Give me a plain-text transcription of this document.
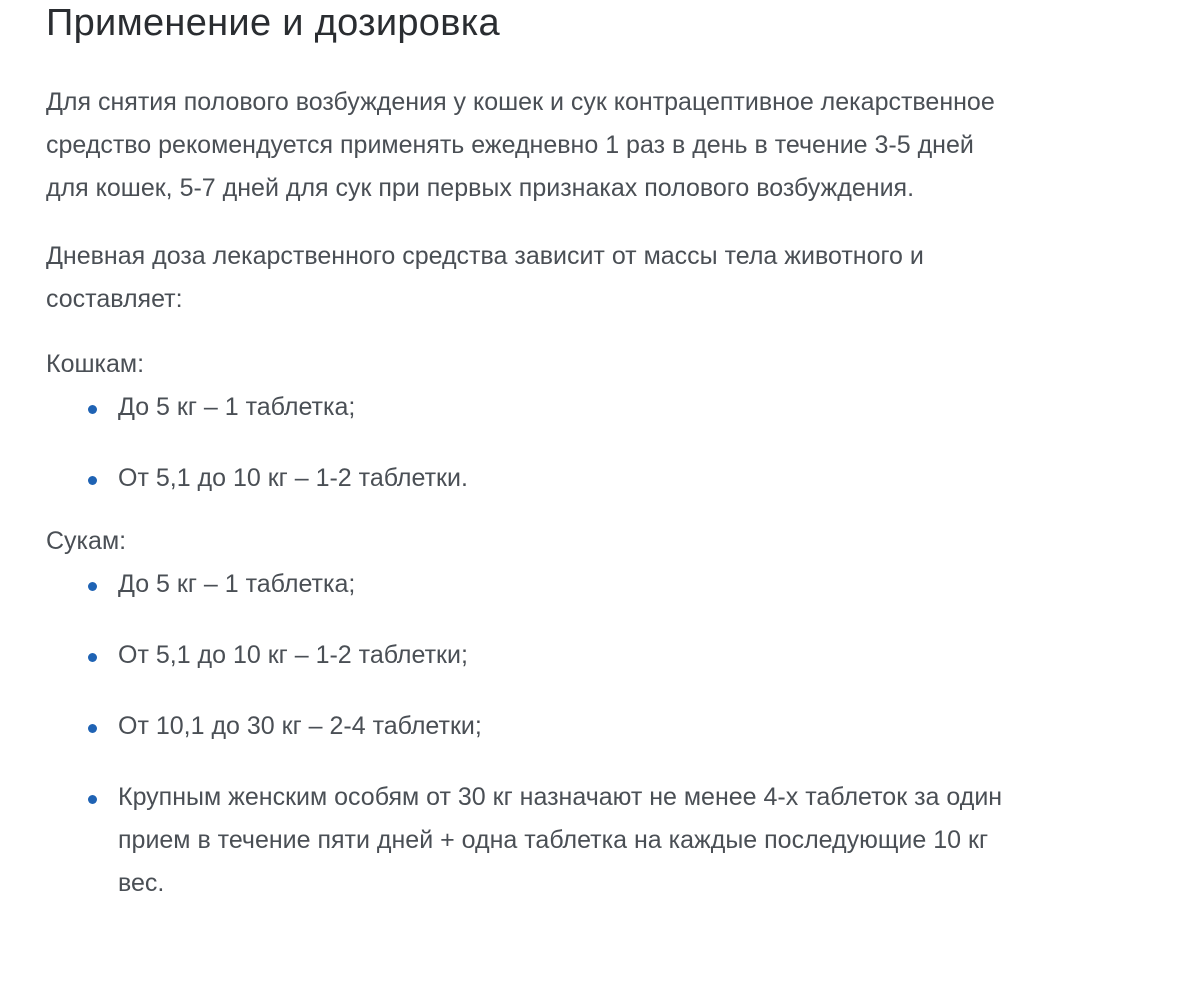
Применение и дозировка

Для снятия полового возбуждения у кошек и сук контрацептивное лекарственное средство рекомендуется применять ежедневно 1 раз в день в течение 3-5 дней для кошек, 5-7 дней для сук при первых признаках полового возбуждения.

Дневная доза лекарственного средства зависит от массы тела животного и составляет:

Кошкам:

До 5 кг – 1 таблетка;
От 5,1 до 10 кг – 1-2 таблетки.

Сукам:

До 5 кг – 1 таблетка;
От 5,1 до 10 кг – 1-2 таблетки;
От 10,1 до 30 кг – 2-4 таблетки;
Крупным женским особям от 30 кг назначают не менее 4-х таблеток за один прием в течение пяти дней + одна таблетка на каждые последующие 10 кг вес.
